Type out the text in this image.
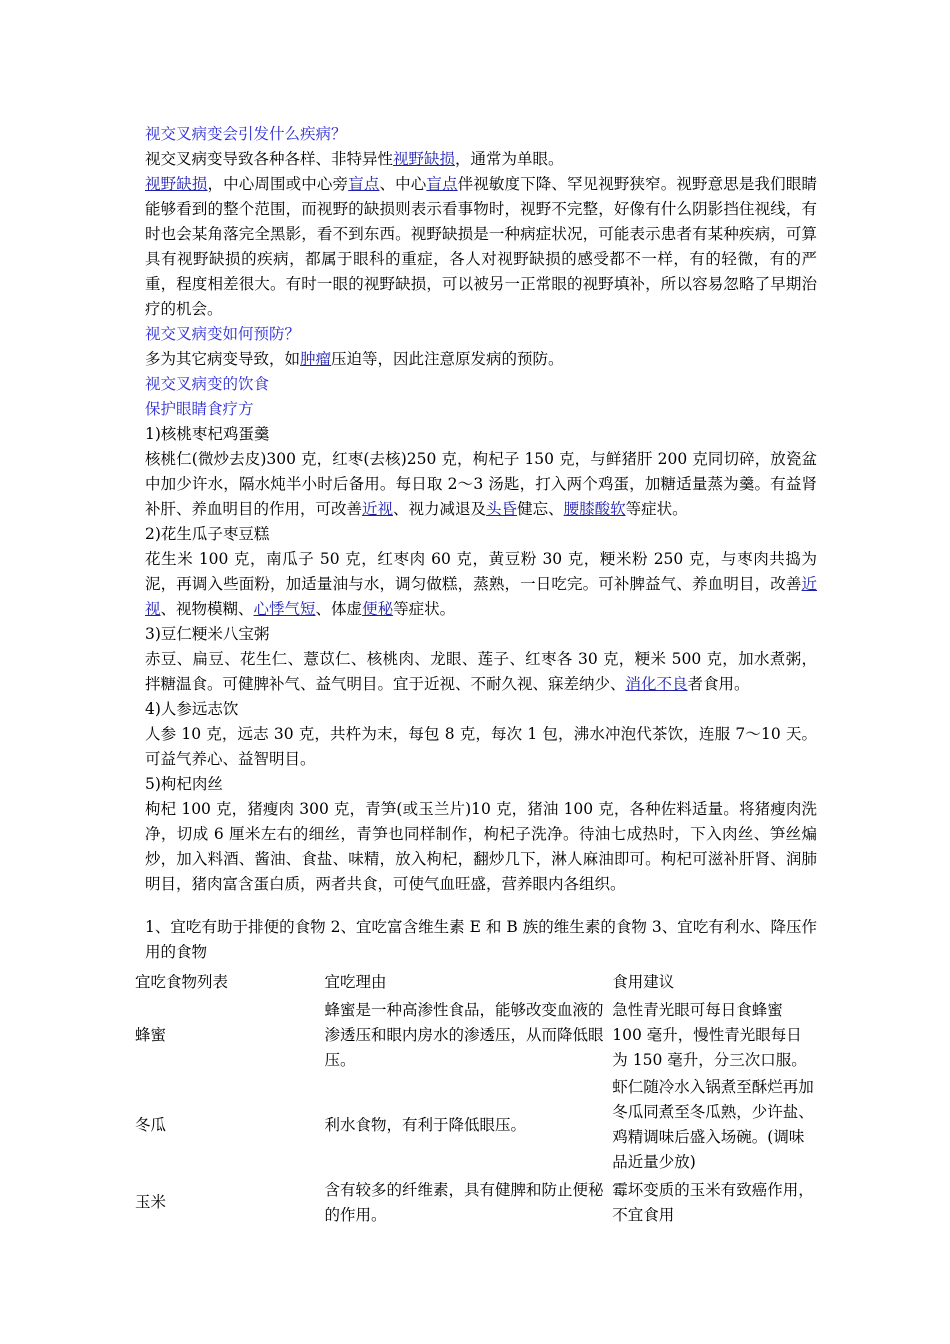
视交叉病变会引发什么疾病？

视交叉病变导致各种各样、非特异性视野缺损，通常为单眼。

视野缺损，中心周围或中心旁盲点、中心盲点伴视敏度下降、罕见视野狭窄。视野意思是我们眼睛能够看到的整个范围，而视野的缺损则表示看事物时，视野不完整，好像有什么阴影挡住视线，有时也会某角落完全黑影，看不到东西。视野缺损是一种病症状况，可能表示患者有某种疾病，可算具有视野缺损的疾病，都属于眼科的重症，各人对视野缺损的感受都不一样，有的轻微，有的严重，程度相差很大。有时一眼的视野缺损，可以被另一正常眼的视野填补，所以容易忽略了早期治疗的机会。

视交叉病变如何预防？

多为其它病变导致，如肿瘤压迫等，因此注意原发病的预防。

视交叉病变的饮食

保护眼睛食疗方

1)核桃枣杞鸡蛋羹

核桃仁(微炒去皮)300 克，红枣(去核)250 克，枸杞子 150 克，与鲜猪肝 200 克同切碎，放瓷盆中加少许水，隔水炖半小时后备用。每日取 2～3 汤匙，打入两个鸡蛋，加糖适量蒸为羹。有益肾补肝、养血明目的作用，可改善近视、视力减退及头昏健忘、腰膝酸软等症状。

2)花生瓜子枣豆糕

花生米 100 克，南瓜子 50 克，红枣肉 60 克，黄豆粉 30 克，粳米粉 250 克，与枣肉共捣为泥，再调入些面粉，加适量油与水，调匀做糕，蒸熟，一日吃完。可补脾益气、养血明目，改善近视、视物模糊、心悸气短、体虚便秘等症状。

3)豆仁粳米八宝粥

赤豆、扁豆、花生仁、薏苡仁、核桃肉、龙眼、莲子、红枣各 30 克，粳米 500 克，加水煮粥，拌糖温食。可健脾补气、益气明目。宜于近视、不耐久视、寐差纳少、消化不良者食用。

4)人参远志饮

人参 10 克，远志 30 克，共杵为末，每包 8 克，每次 1 包，沸水冲泡代茶饮，连服 7～10 天。可益气养心、益智明目。

5)枸杞肉丝

枸杞 100 克，猪瘦肉 300 克，青笋(或玉兰片)10 克，猪油 100 克，各种佐料适量。将猪瘦肉洗净，切成 6 厘米左右的细丝，青笋也同样制作，枸杞子洗净。待油七成热时，下入肉丝、笋丝煸炒，加入料酒、酱油、食盐、味精，放入枸杞，翻炒几下，淋人麻油即可。枸杞可滋补肝肾、润肺明目，猪肉富含蛋白质，两者共食，可使气血旺盛，营养眼内各组织。

1、宜吃有助于排便的食物 2、宜吃富含维生素 E 和 B 族的维生素的食物 3、宜吃有利水、降压作用的食物

宜吃食物列表	宜吃理由	食用建议
蜂蜜	蜂蜜是一种高渗性食品，能够改变血液的渗透压和眼内房水的渗透压，从而降低眼压。	急性青光眼可每日食蜂蜜 100 毫升，慢性青光眼每日为 150 毫升，分三次口服。
冬瓜	利水食物，有利于降低眼压。	虾仁随冷水入锅煮至酥烂再加冬瓜同煮至冬瓜熟，少许盐、鸡精调味后盛入场碗。(调味品近量少放)
玉米	含有较多的纤维素，具有健脾和防止便秘的作用。	霉坏变质的玉米有致癌作用，不宜食用
